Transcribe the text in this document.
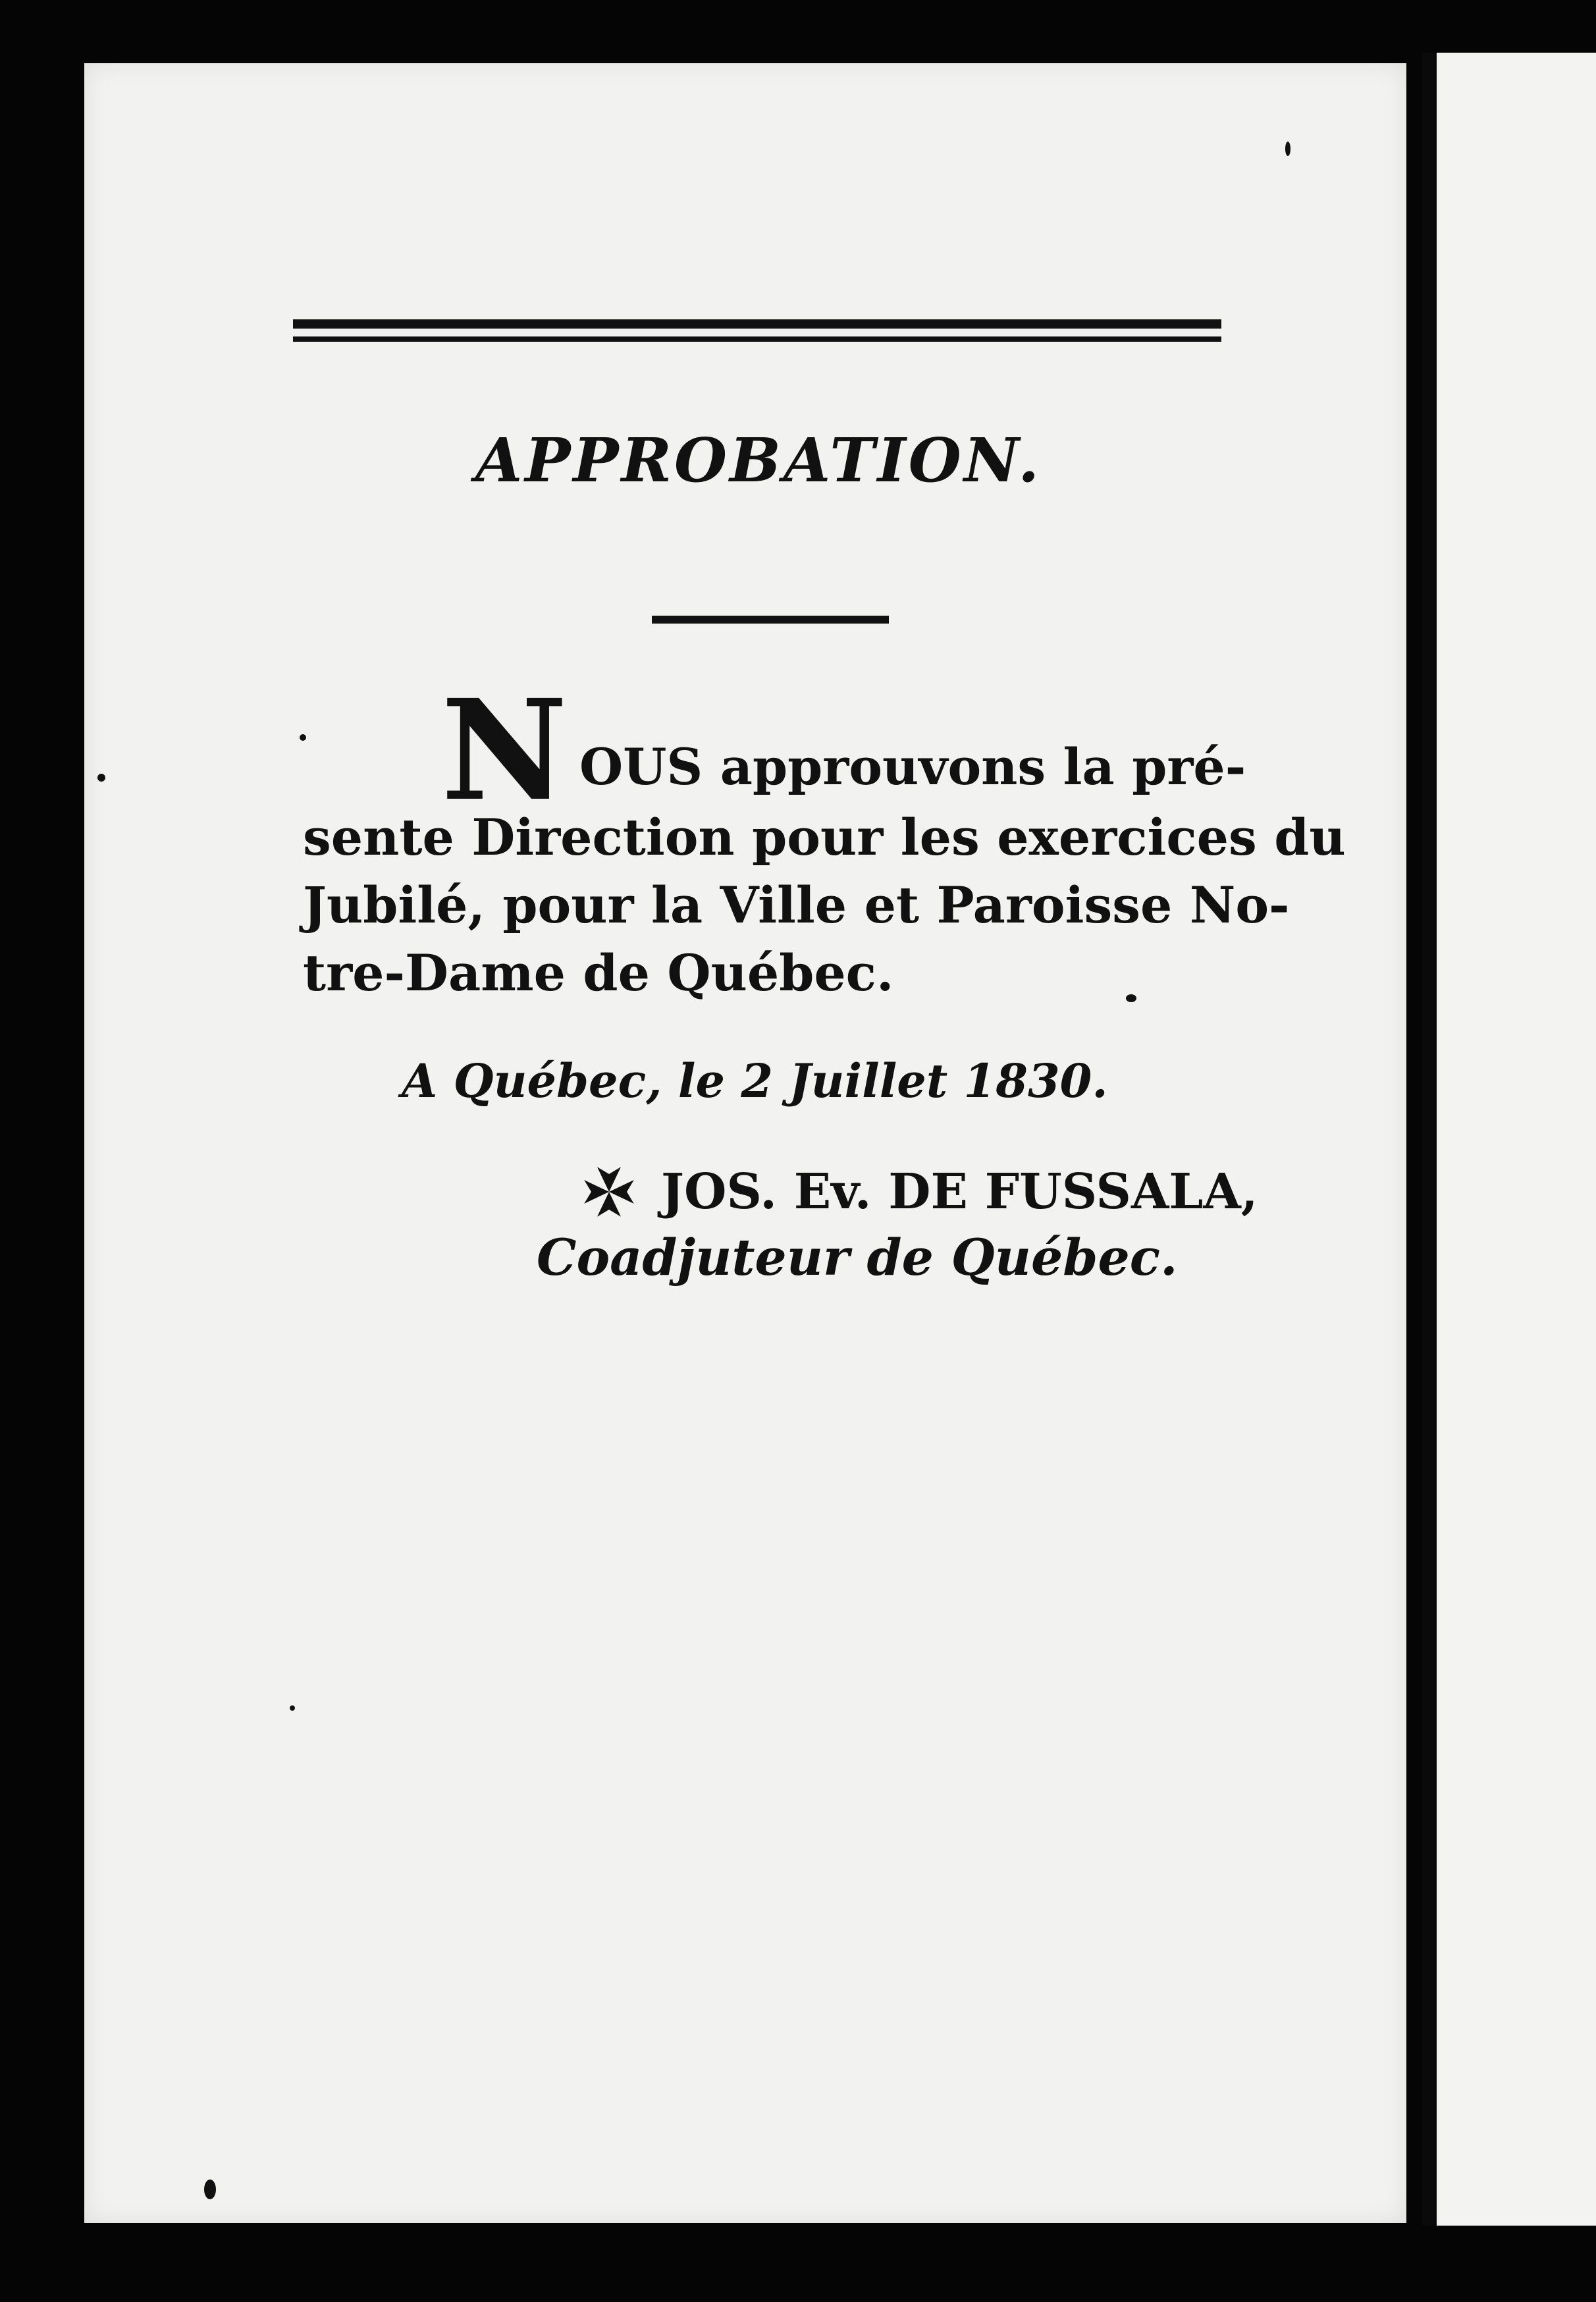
APPROBATION.
N OUS approuvons la pré-
sente Direction pour les exercices du
Jubilé, pour la Ville et Paroisse No-
tre-Dame de Québec.
A Québec, le 2 Juillet 1830.
JOS. Ev. DE FUSSALA,
Coadjuteur de Québec.
